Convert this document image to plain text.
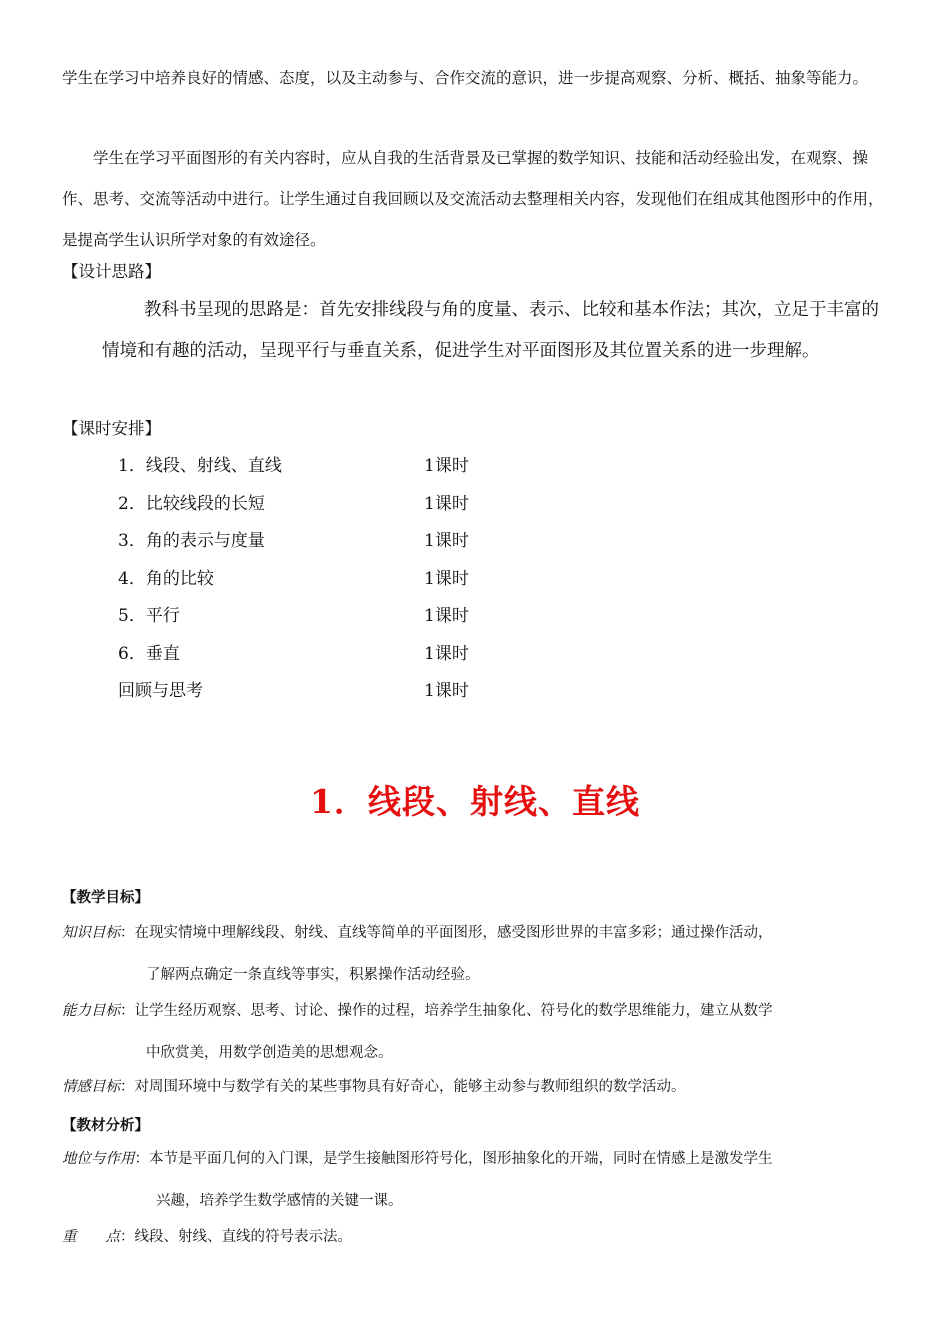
学生在学习中培养良好的情感、态度，以及主动参与、合作交流的意识，进一步提高观察、分析、概括、抽象等能力。

学生在学习平面图形的有关内容时，应从自我的生活背景及已掌握的数学知识、技能和活动经验出发，在观察、操作、思考、交流等活动中进行。让学生通过自我回顾以及交流活动去整理相关内容，发现他们在组成其他图形中的作用，是提高学生认识所学对象的有效途径。

【设计思路】

教科书呈现的思路是：首先安排线段与角的度量、表示、比较和基本作法；其次，立足于丰富的情境和有趣的活动，呈现平行与垂直关系，促进学生对平面图形及其位置关系的进一步理解。

【课时安排】

1．线段、射线、直线	1课时
2．比较线段的长短	1课时
3．角的表示与度量	1课时
4．角的比较	1课时
5．平行	1课时
6．垂直	1课时
回顾与思考	1课时
1．线段、射线、直线

【教学目标】

知识目标：在现实情境中理解线段、射线、直线等简单的平面图形，感受图形世界的丰富多彩；通过操作活动，
了解两点确定一条直线等事实，积累操作活动经验。
能力目标：让学生经历观察、思考、讨论、操作的过程，培养学生抽象化、符号化的数学思维能力，建立从数学
中欣赏美，用数学创造美的思想观念。
情感目标：对周围环境中与数学有关的某些事物具有好奇心，能够主动参与教师组织的数学活动。

【教材分析】

地位与作用：本节是平面几何的入门课，是学生接触图形符号化，图形抽象化的开端，同时在情感上是激发学生
兴趣，培养学生数学感情的关键一课。
重　　点：线段、射线、直线的符号表示法。
